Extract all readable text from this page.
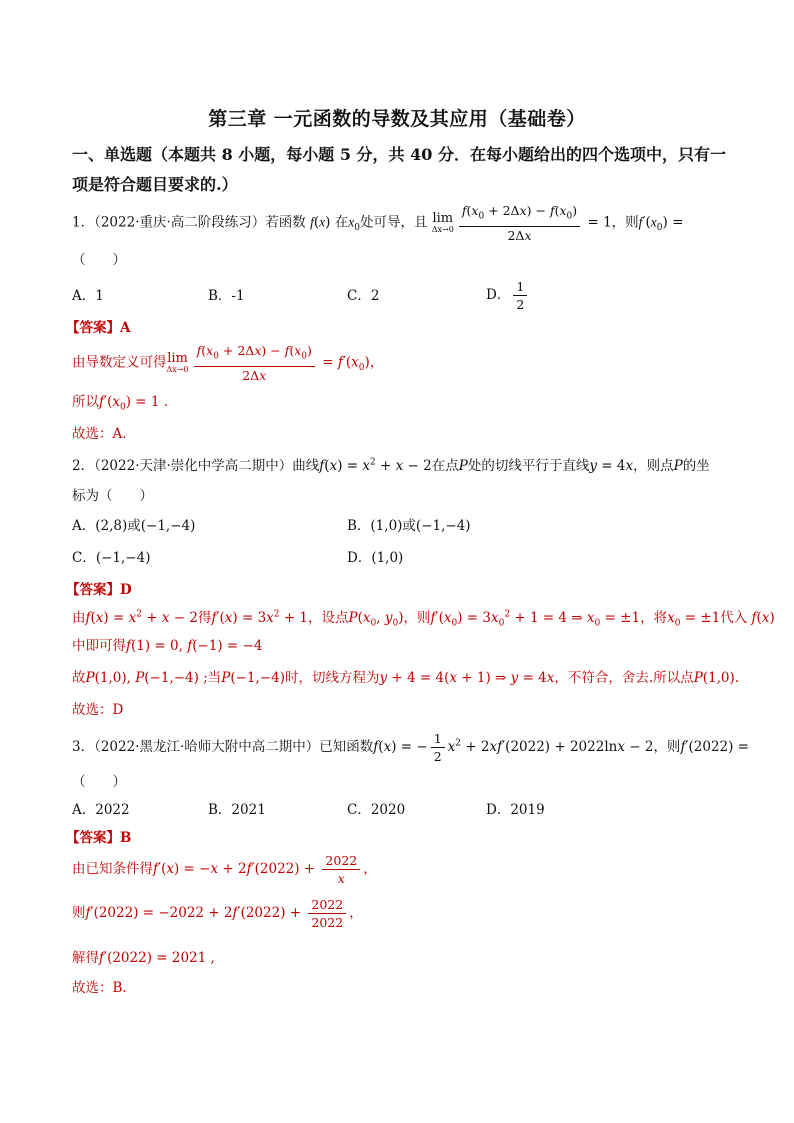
第三章 一元函数的导数及其应用（基础卷）
一、单选题（本题共 8 小题，每小题 5 分，共 40 分．在每小题给出的四个选项中，只有一
项是符合题目要求的.）
1．（2022·重庆·高二阶段练习）若函数 f(x) 在$x_0$处可导，且 lim
$\Delta x\to 0 \frac{f(x_0 + 2\Delta x) - f(x_0)}{2\Delta x} = 1$，则$f'(x_0)$ =
（　　）
A．1	B．-1	C．2	D． $\frac{1}{2}$
【答案】A
由导数定义可得 lim
$\Delta x\to 0 \frac{f(x_0 + 2\Delta x) - f(x_0)}{2\Delta x} = f'(x_0)$，
所以$f'(x_0) = 1$ .
故选：A．
2．（2022·天津·崇化中学高二期中）曲线$f(x) = x^2 + x - 2$在点P处的切线平行于直线y = 4x，则点P的坐
标为（　　）
A．(2,8)或(−1,−4)	B．(1,0)或(−1,−4)
C．(−1,−4)	D．(1,0)
【答案】D
由$f(x) = x^2 + x - 2$得$f'(x) = 3x^2 + 1$，设点$P(x_0$, $y_0$)，则$f'(x_0) = 3x_0^2 + 1 = 4$ ⇒ $x_0 = \pm 1$，将$x_0 = \pm 1$代入 f(x)
中即可得f(1) = 0, f(−1) = −4
故P(1,0), P(−1,−4) ;当P(−1,−4)时，切线方程为y + 4 = 4(x + 1) ⇒ y = 4x，不符合，舍去.所以点P(1,0).
故选：D
3．（2022·黑龙江·哈师大附中高二期中）已知函数f(x) = − $\frac{1}{2} x^2 + 2xf'(2022) + 2022\ln x - 2$，则f′(2022) =
（　　）
A．2022	B．2021	C．2020	D．2019
【答案】B
由已知条件得$f'(x) = -x + 2f'(2022) + \frac{2022}{x}$ ，
则$f'(2022) = -2022 + 2f'(2022) + \frac{2022}{2022}$ ，
解得f′(2022) = 2021 ,
故选：B．
